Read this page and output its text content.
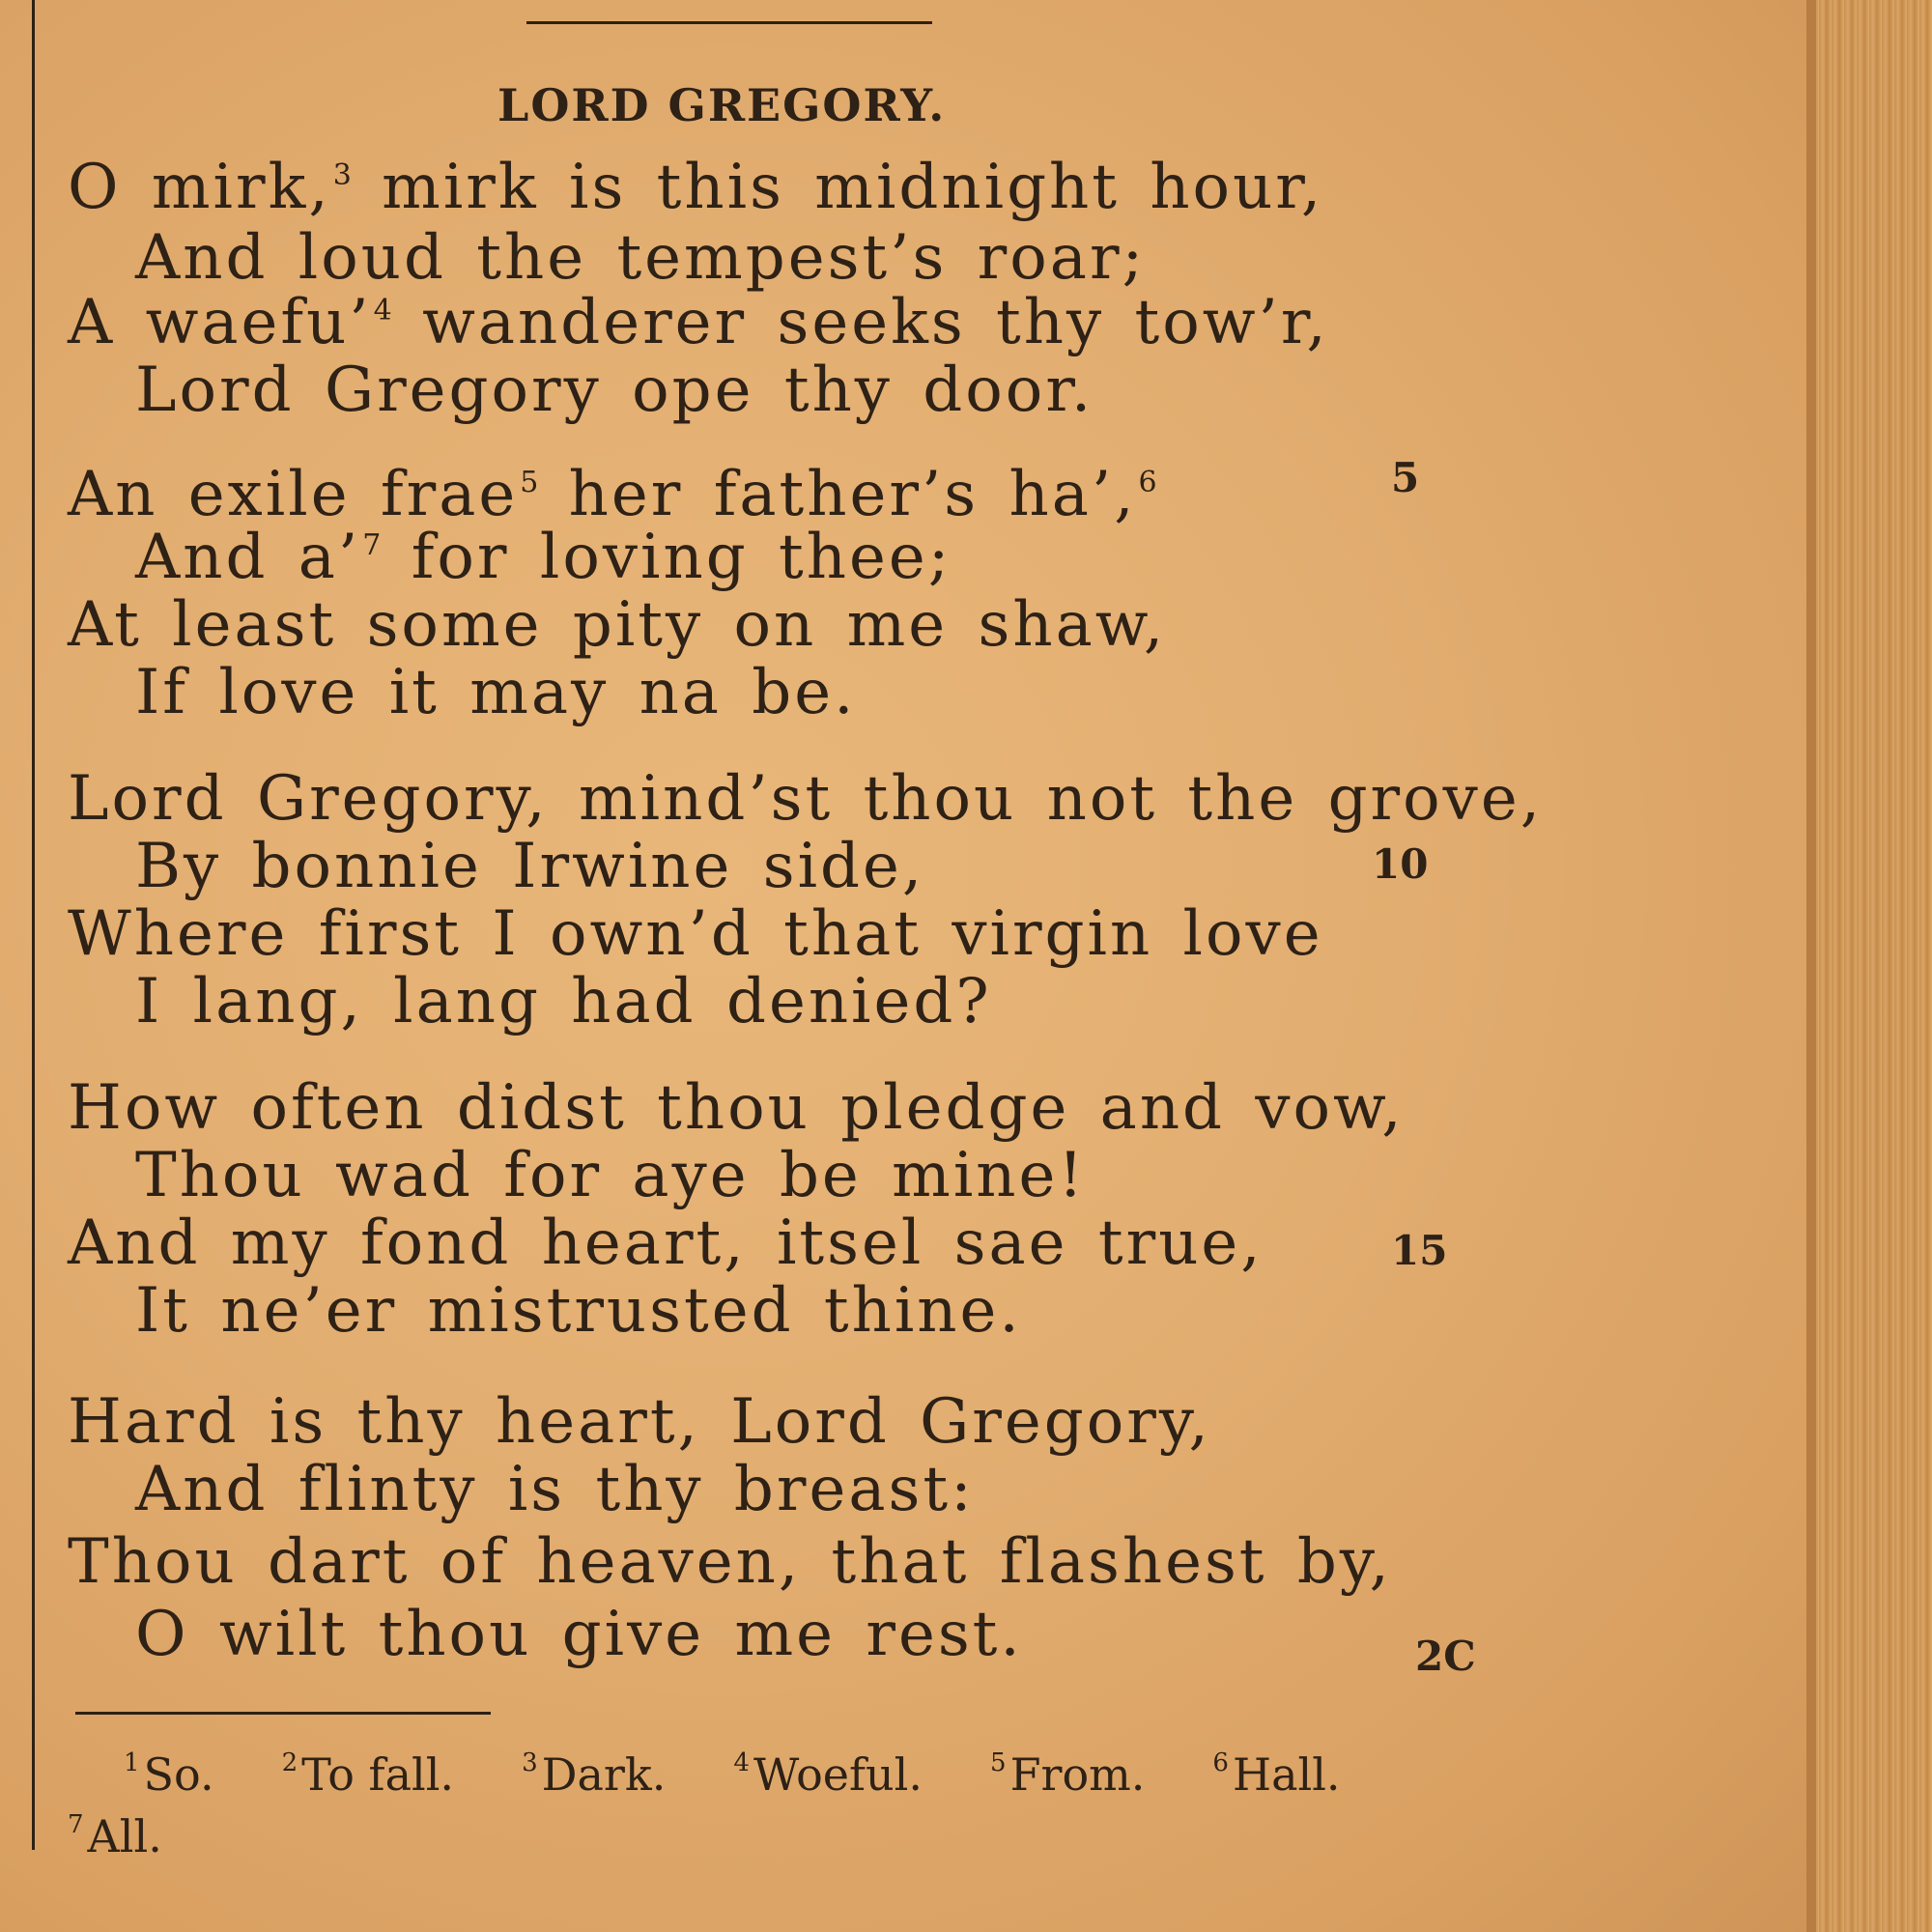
LORD GREGORY.
O mirk,$^3$ mirk is this midnight hour,
And loud the tempest’s roar;
A waefu’$^4$ wanderer seeks thy tow’r,
Lord Gregory ope thy door.
An exile frae$^5$ her father’s ha’,$^6$	5
And a’$^7$ for loving thee;
At least some pity on me shaw,
If love it may na be.
Lord Gregory, mind’st thou not the grove,
By bonnie Irwine side,	10
Where first I own’d that virgin love
I lang, lang had denied?
How often didst thou pledge and vow,
Thou wad for aye be mine!
And my fond heart, itsel sae true,	15
It ne’er mistrusted thine.
Hard is thy heart, Lord Gregory,
And flinty is thy breast:
Thou dart of heaven, that flashest by,
O wilt thou give me rest.	2C
$^1$So.	$^2$To fall.	$^3$Dark.	$^4$Woeful.	$^5$From.	$^6$Hall.
$^7$All.
